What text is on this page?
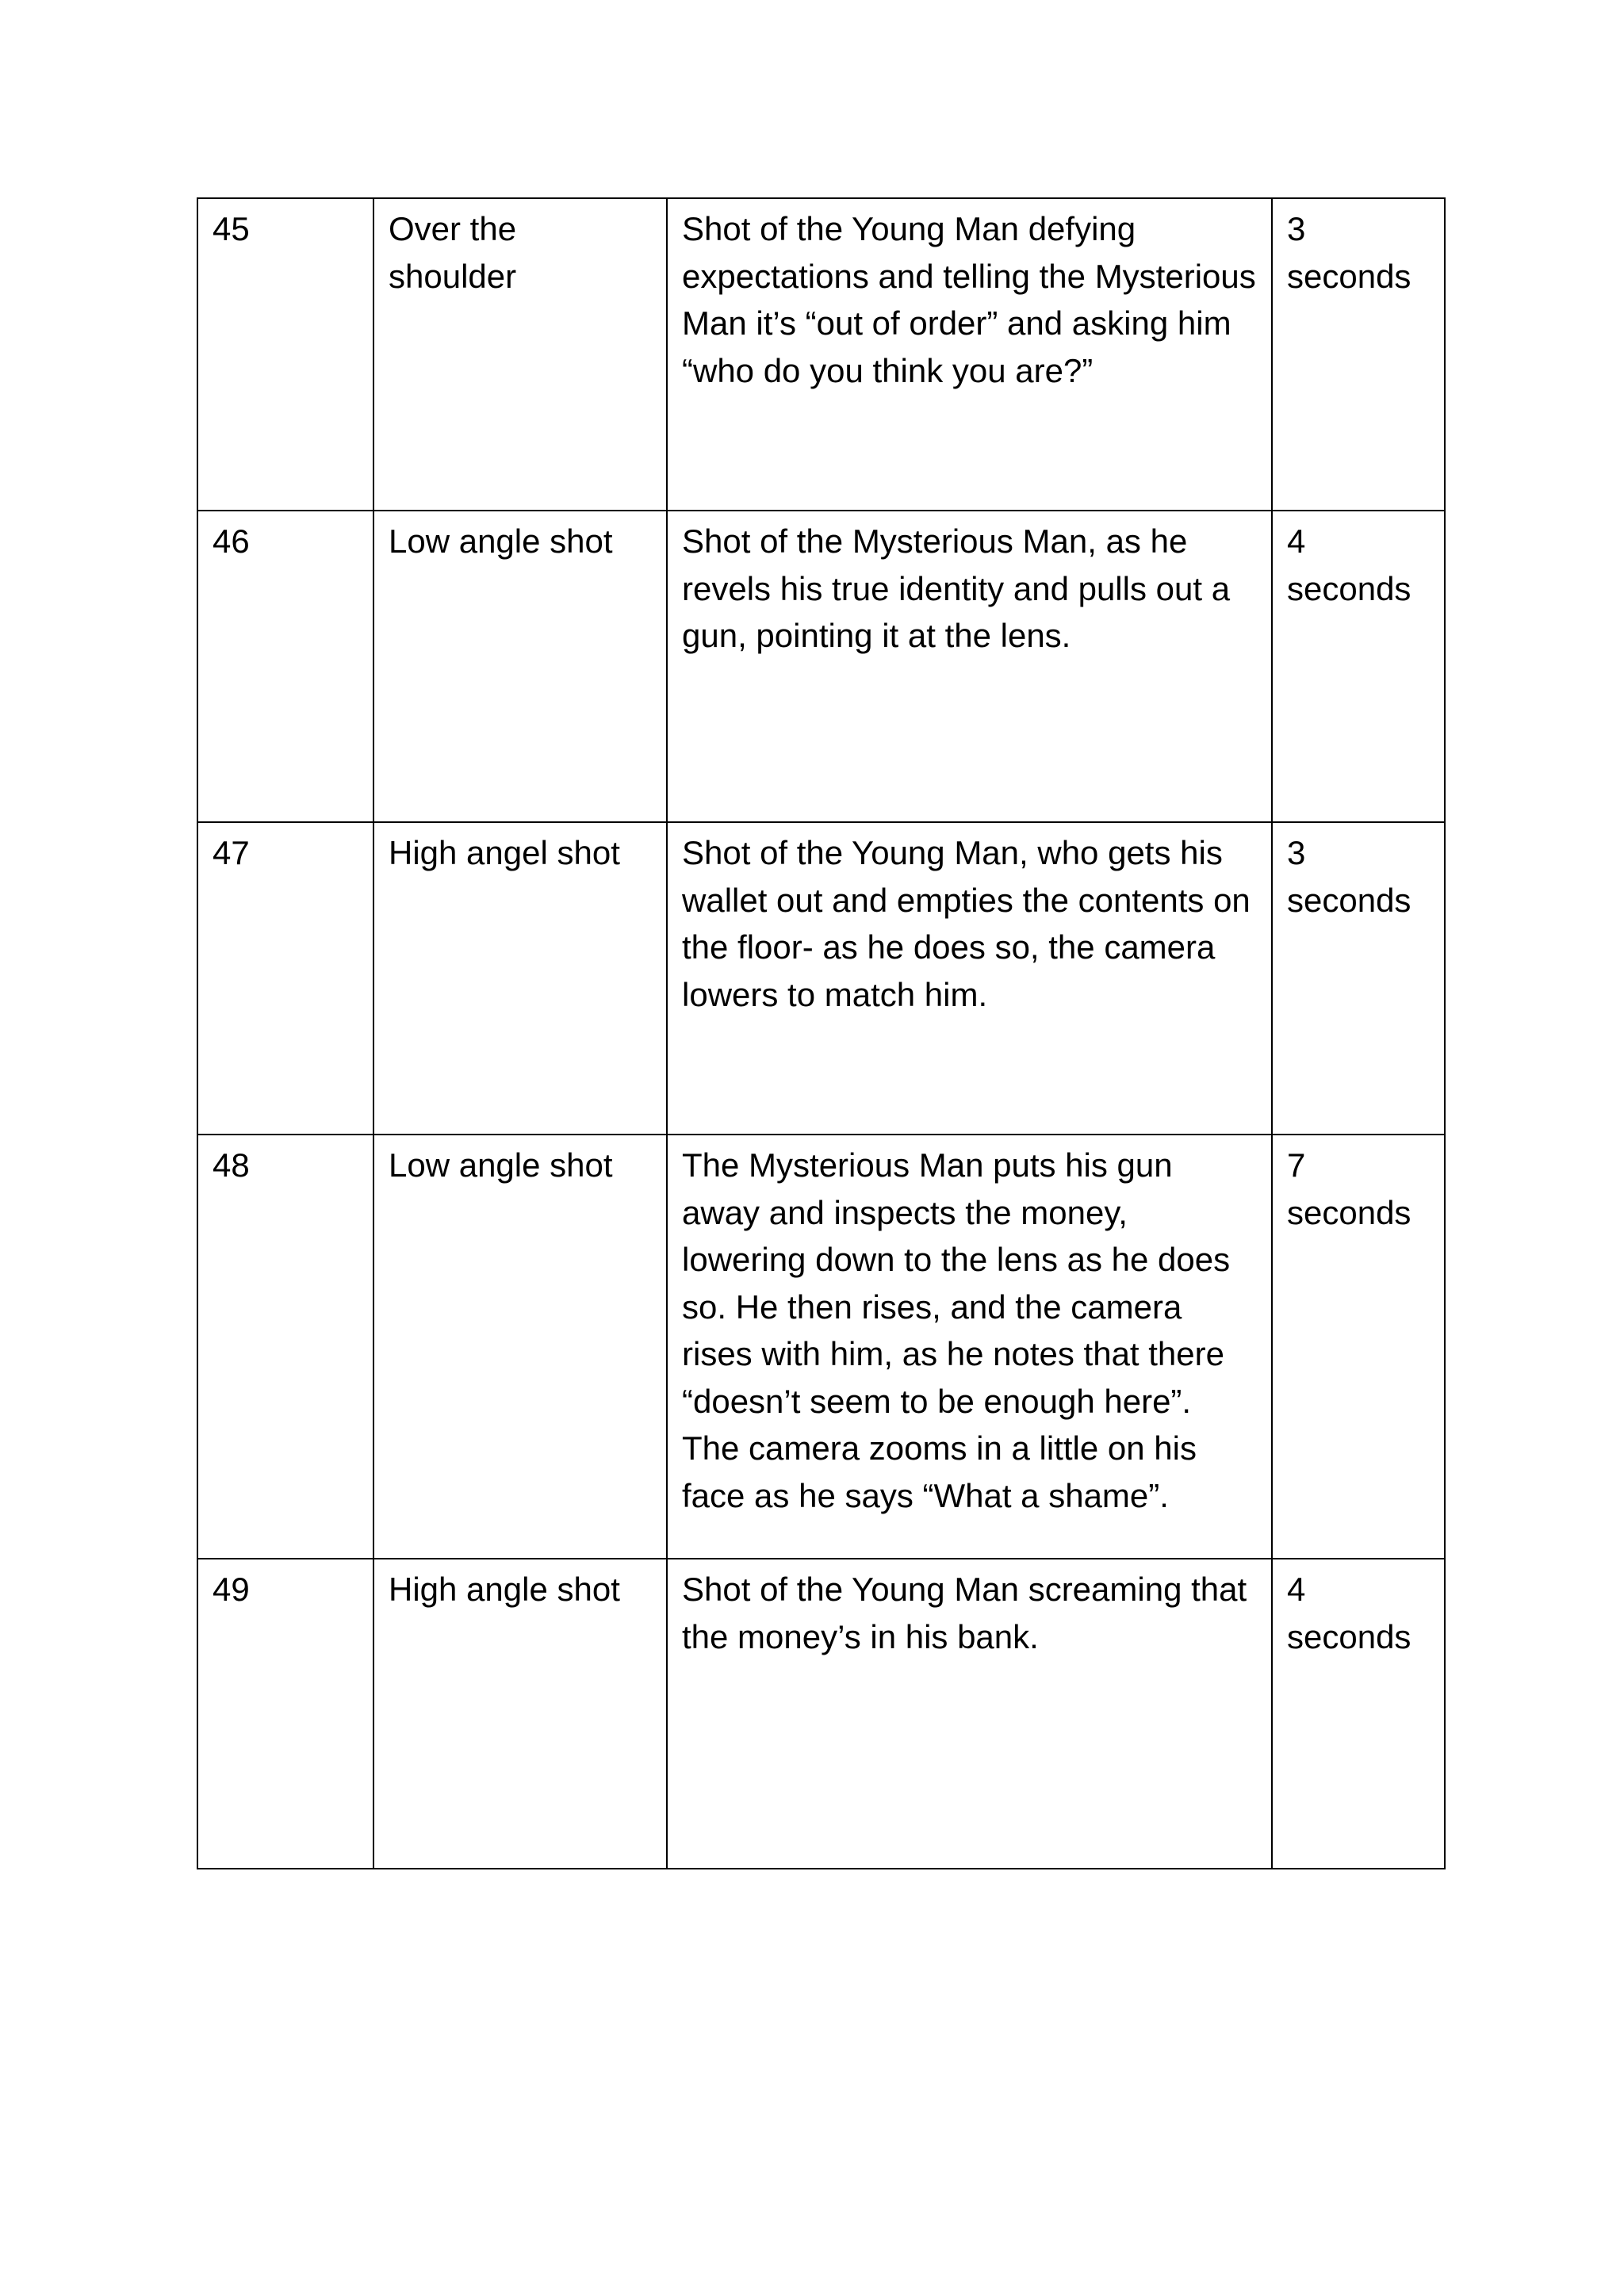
45	Over the shoulder	Shot of the Young Man defying expectations and telling the Mysterious Man it’s “out of order” and asking him “who do you think you are?”	3 seconds
46	Low angle shot	Shot of the Mysterious Man, as he revels his true identity and pulls out a gun, pointing it at the lens.	4 seconds
47	High angel shot	Shot of the Young Man, who gets his wallet out and empties the contents on the floor- as he does so, the camera lowers to match him.	3 seconds
48	Low angle shot	The Mysterious Man puts his gun away and inspects the money, lowering down to the lens as he does so. He then rises, and the camera rises with him, as he notes that there “doesn’t seem to be enough here”. The camera zooms in a little on his face as he says “What a shame”.	7 seconds
49	High angle shot	Shot of the Young Man screaming that the money’s in his bank.	4 seconds
